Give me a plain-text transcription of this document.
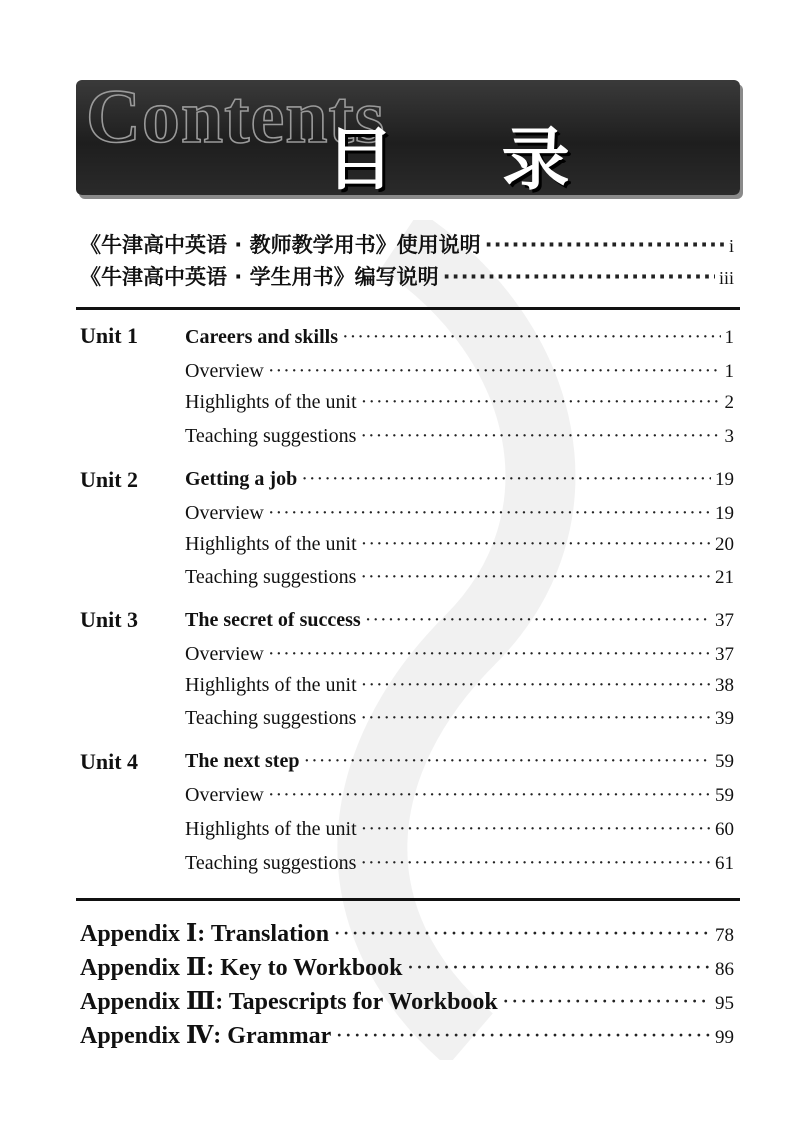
Contents
目 录
《牛津高中英语 · 教师教学用书》使用说明 ·····	i
《牛津高中英语 · 学生用书》编写说明 ·····	iii
Unit 1 Careers and skills ·····	1
Overview ·····	1
Highlights of the unit ·····	2
Teaching suggestions ·····	3
Unit 2 Getting a job ·····	19
Overview ·····	19
Highlights of the unit ·····	20
Teaching suggestions ·····	21
Unit 3 The secret of success ·····	37
Overview ·····	37
Highlights of the unit ·····	38
Teaching suggestions ·····	39
Unit 4 The next step ·····	59
Overview ·····	59
Highlights of the unit ·····	60
Teaching suggestions ·····	61
Appendix Ⅰ: Translation ·····	78
Appendix Ⅱ: Key to Workbook ·····	86
Appendix Ⅲ: Tapescripts for Workbook ·····	95
Appendix Ⅳ: Grammar ·····	99
